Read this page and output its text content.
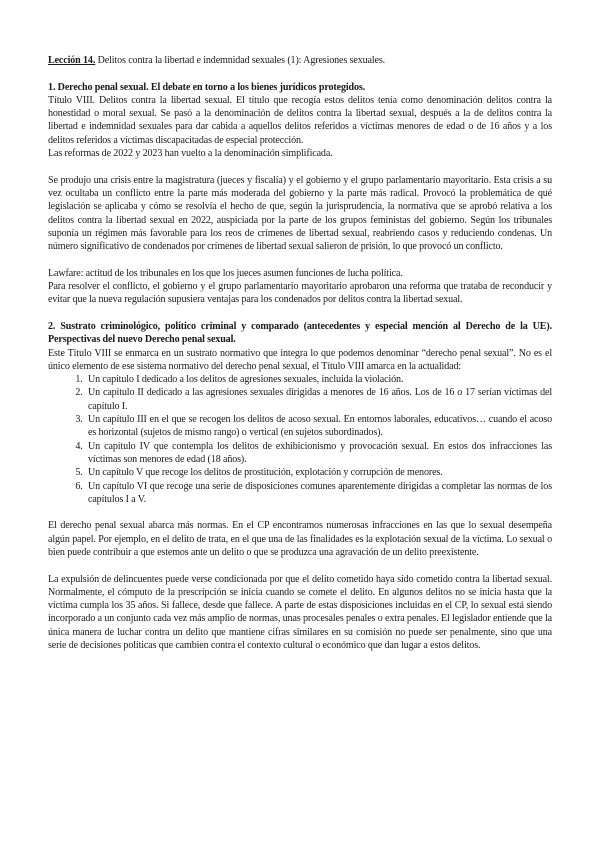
Lección 14. Delitos contra la libertad e indemnidad sexuales (1): Agresiones sexuales.

1. Derecho penal sexual. El debate en torno a los bienes jurídicos protegidos.

Título VIII. Delitos contra la libertad sexual. El título que recogía estos delitos tenía como denominación delitos contra la honestidad o moral sexual. Se pasó a la denominación de delitos contra la libertad sexual, después a la de delitos contra la libertad e indemnidad sexuales para dar cabida a aquellos delitos referidos a víctimas menores de edad o de 16 años y a los delitos referidos a víctimas discapacitadas de especial protección.

Las reformas de 2022 y 2023 han vuelto a la denominación simplificada.

Se produjo una crisis entre la magistratura (jueces y fiscalía) y el gobierno y el grupo parlamentario mayoritario. Esta crisis a su vez ocultaba un conflicto entre la parte más moderada del gobierno y la parte más radical. Provocó la problemática de qué legislación se aplicaba y cómo se resolvía el hecho de que, según la jurisprudencia, la normativa que se aprobó relativa a los delitos contra la libertad sexual en 2022, auspiciada por la parte de los grupos feministas del gobierno. Según los tribunales suponía un régimen más favorable para los reos de crímenes de libertad sexual, reabriendo casos y reduciendo condenas. Un número significativo de condenados por crímenes de libertad sexual salieron de prisión, lo que provocó un conflicto.

Lawfare: actitud de los tribunales en los que los jueces asumen funciones de lucha política.

Para resolver el conflicto, el gobierno y el grupo parlamentario mayoritario aprobaron una reforma que trataba de reconducir y evitar que la nueva regulación supusiera ventajas para los condenados por delitos contra la libertad sexual.

2. Sustrato criminológico, político criminal y comparado (antecedentes y especial mención al Derecho de la UE). Perspectivas del nuevo Derecho penal sexual.

Este Título VIII se enmarca en un sustrato normativo que integra lo que podemos denominar “derecho penal sexual”. No es el único elemento de ese sistema normativo del derecho penal sexual, el Título VIII amarca en la actualidad:

1. Un capítulo I dedicado a los delitos de agresiones sexuales, incluida la violación.
2. Un capítulo II dedicado a las agresiones sexuales dirigidas a menores de 16 años. Los de 16 o 17 serían víctimas del capítulo I.
3. Un capítulo III en el que se recogen los delitos de acoso sexual. En entornos laborales, educativos… cuando el acoso es horizontal (sujetos de mismo rango) o vertical (en sujetos subordinados).
4. Un capítulo IV que contempla los delitos de exhibicionismo y provocación sexual. En estos dos infracciones las víctimas son menores de edad (18 años).
5. Un capítulo V que recoge los delitos de prostitución, explotación y corrupción de menores.
6. Un capítulo VI que recoge una serie de disposiciones comunes aparentemente dirigidas a completar las normas de los capítulos I a V.

El derecho penal sexual abarca más normas. En el CP encontramos numerosas infracciones en las que lo sexual desempeña algún papel. Por ejemplo, en el delito de trata, en el que una de las finalidades es la explotación sexual de la víctima. Lo sexual o bien puede contribuir a que estemos ante un delito o que se produzca una agravación de un delito preexistente.

La expulsión de delincuentes puede verse condicionada por que el delito cometido haya sido cometido contra la libertad sexual. Normalmente, el cómputo de la prescripción se inicia cuando se comete el delito. En algunos delitos no se inicia hasta que la víctima cumpla los 35 años. Si fallece, desde que fallece. A parte de estas disposiciones incluidas en el CP, lo sexual está siendo incorporado a un conjunto cada vez más amplio de normas, unas procesales penales o extra penales. El legislador entiende que la única manera de luchar contra un delito que mantiene cifras similares en su comisión no puede ser penalmente, sino que una serie de decisiones políticas que cambien contra el contexto cultural o económico que dan lugar a estos delitos.
